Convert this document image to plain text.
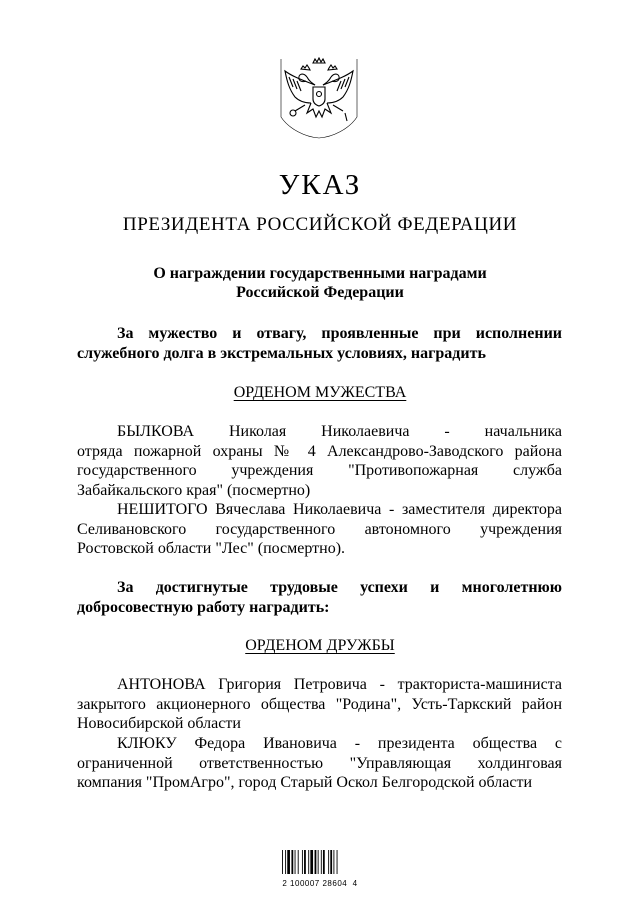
УКАЗ
ПРЕЗИДЕНТА РОССИЙСКОЙ ФЕДЕРАЦИИ
О награждении государственными наградами
Российской Федерации
За мужество и отвагу, проявленные при исполнении
служебного долга в экстремальных условиях, наградить
ОРДЕНОМ МУЖЕСТВА
БЫЛКОВА Николая Николаевича - начальника
отряда пожарной охраны № 4 Александрово-Заводского района
государственного учреждения "Противопожарная служба
Забайкальского края" (посмертно)
НЕШИТОГО Вячеслава Николаевича - заместителя директора
Селивановского государственного автономного учреждения
Ростовской области "Лес" (посмертно).
За достигнутые трудовые успехи и многолетнюю
добросовестную работу наградить:
ОРДЕНОМ ДРУЖБЫ
АНТОНОВА Григория Петровича - тракториста-машиниста
закрытого акционерного общества "Родина", Усть-Таркский район
Новосибирской области
КЛЮКУ Федора Ивановича - президента общества с
ограниченной ответственностью "Управляющая холдинговая
компания "ПромАгро", город Старый Оскол Белгородской области
2 100007 28604  4
